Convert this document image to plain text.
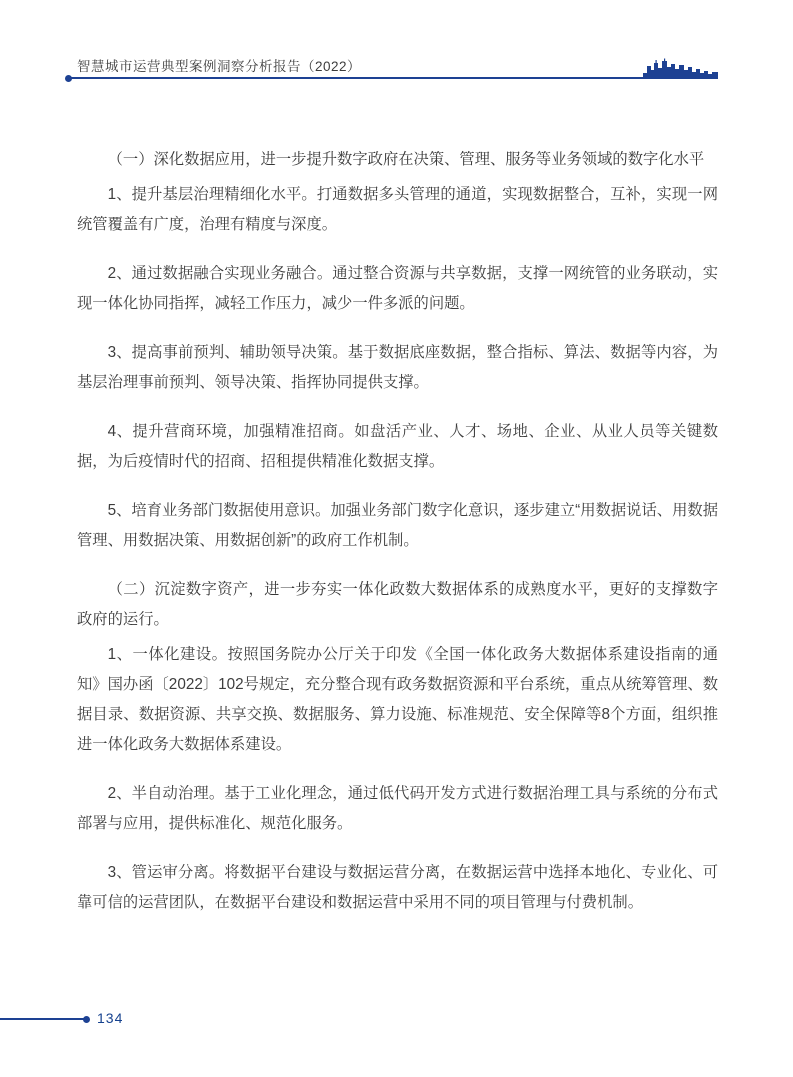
智慧城市运营典型案例洞察分析报告（2022）
（一）深化数据应用，进一步提升数字政府在决策、管理、服务等业务领域的数字化水平

1、提升基层治理精细化水平。打通数据多头管理的通道，实现数据整合，互补，实现一网统管覆盖有广度，治理有精度与深度。

2、通过数据融合实现业务融合。通过整合资源与共享数据，支撑一网统管的业务联动，实现一体化协同指挥，减轻工作压力，减少一件多派的问题。

3、提高事前预判、辅助领导决策。基于数据底座数据，整合指标、算法、数据等内容，为基层治理事前预判、领导决策、指挥协同提供支撑。

4、提升营商环境，加强精准招商。如盘活产业、人才、场地、企业、从业人员等关键数据，为后疫情时代的招商、招租提供精准化数据支撑。

5、培育业务部门数据使用意识。加强业务部门数字化意识，逐步建立“用数据说话、用数据管理、用数据决策、用数据创新”的政府工作机制。

（二）沉淀数字资产，进一步夯实一体化政数大数据体系的成熟度水平，更好的支撑数字政府的运行。

1、一体化建设。按照国务院办公厅关于印发《全国一体化政务大数据体系建设指南的通知》国办函〔2022〕102号规定，充分整合现有政务数据资源和平台系统，重点从统筹管理、数据目录、数据资源、共享交换、数据服务、算力设施、标准规范、安全保障等8个方面，组织推进一体化政务大数据体系建设。

2、半自动治理。基于工业化理念，通过低代码开发方式进行数据治理工具与系统的分布式部署与应用，提供标准化、规范化服务。

3、管运审分离。将数据平台建设与数据运营分离，在数据运营中选择本地化、专业化、可靠可信的运营团队，在数据平台建设和数据运营中采用不同的项目管理与付费机制。

134
